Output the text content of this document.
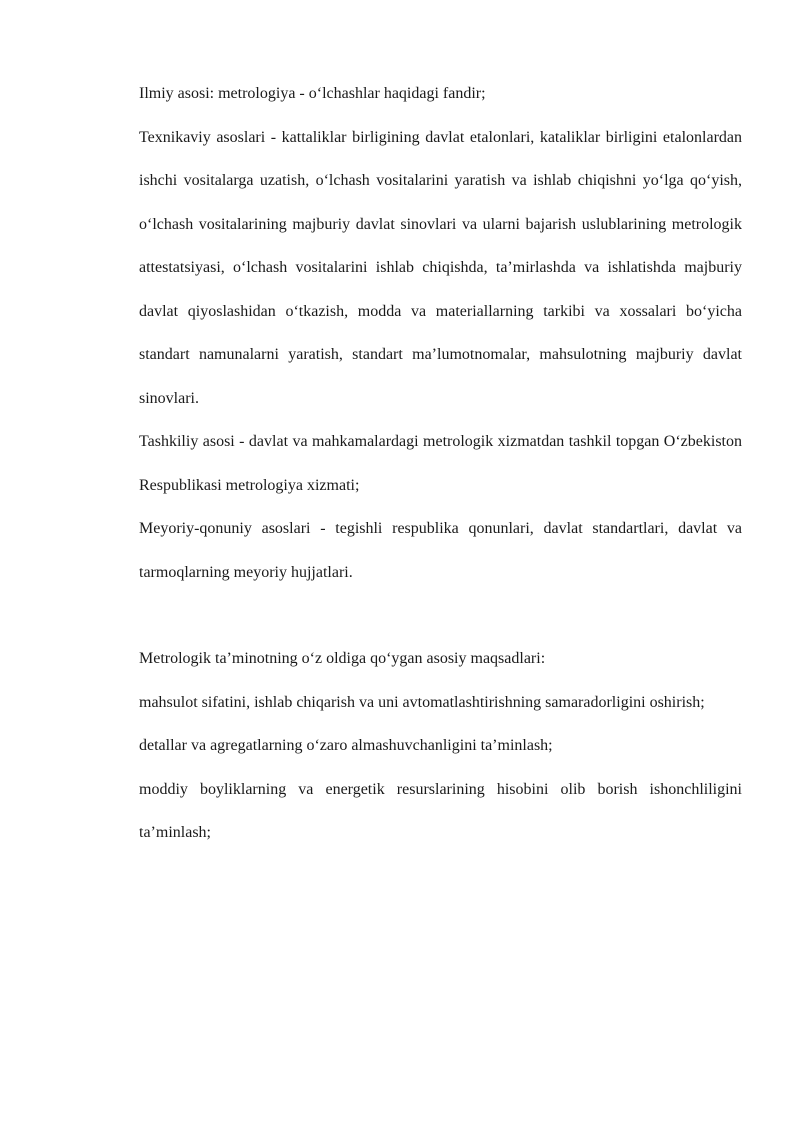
Ilmiy asosi: metrologiya - o‘lchashlar haqidagi fandir;

Texnikaviy asoslari - kattaliklar birligining davlat etalonlari, kataliklar birligini etalonlardan ishchi vositalarga uzatish, o‘lchash vositalarini yaratish va ishlab chiqishni yo‘lga qo‘yish, o‘lchash vositalarining majburiy davlat sinovlari va ularni bajarish uslublarining metrologik attestatsiyasi, o‘lchash vositalarini ishlab chiqishda, ta’mirlashda va ishlatishda majburiy davlat qiyoslashidan o‘tkazish, modda va materiallarning tarkibi va xossalari bo‘yicha standart namunalarni yaratish, standart ma’lumotnomalar, mahsulotning majburiy davlat sinovlari.

Tashkiliy asosi - davlat va mahkamalardagi metrologik xizmatdan tashkil topgan O‘zbekiston Respublikasi metrologiya xizmati;

Meyoriy-qonuniy asoslari - tegishli respublika qonunlari, davlat standartlari, davlat va tarmoqlarning meyoriy hujjatlari.

Metrologik ta’minotning o‘z oldiga qo‘ygan asosiy maqsadlari:

mahsulot sifatini, ishlab chiqarish va uni avtomatlashtirishning samaradorligini oshirish;

detallar va agregatlarning o‘zaro almashuvchanligini ta’minlash;

moddiy boyliklarning va energetik resurslarining hisobini olib borish ishonchliligini ta’minlash;
